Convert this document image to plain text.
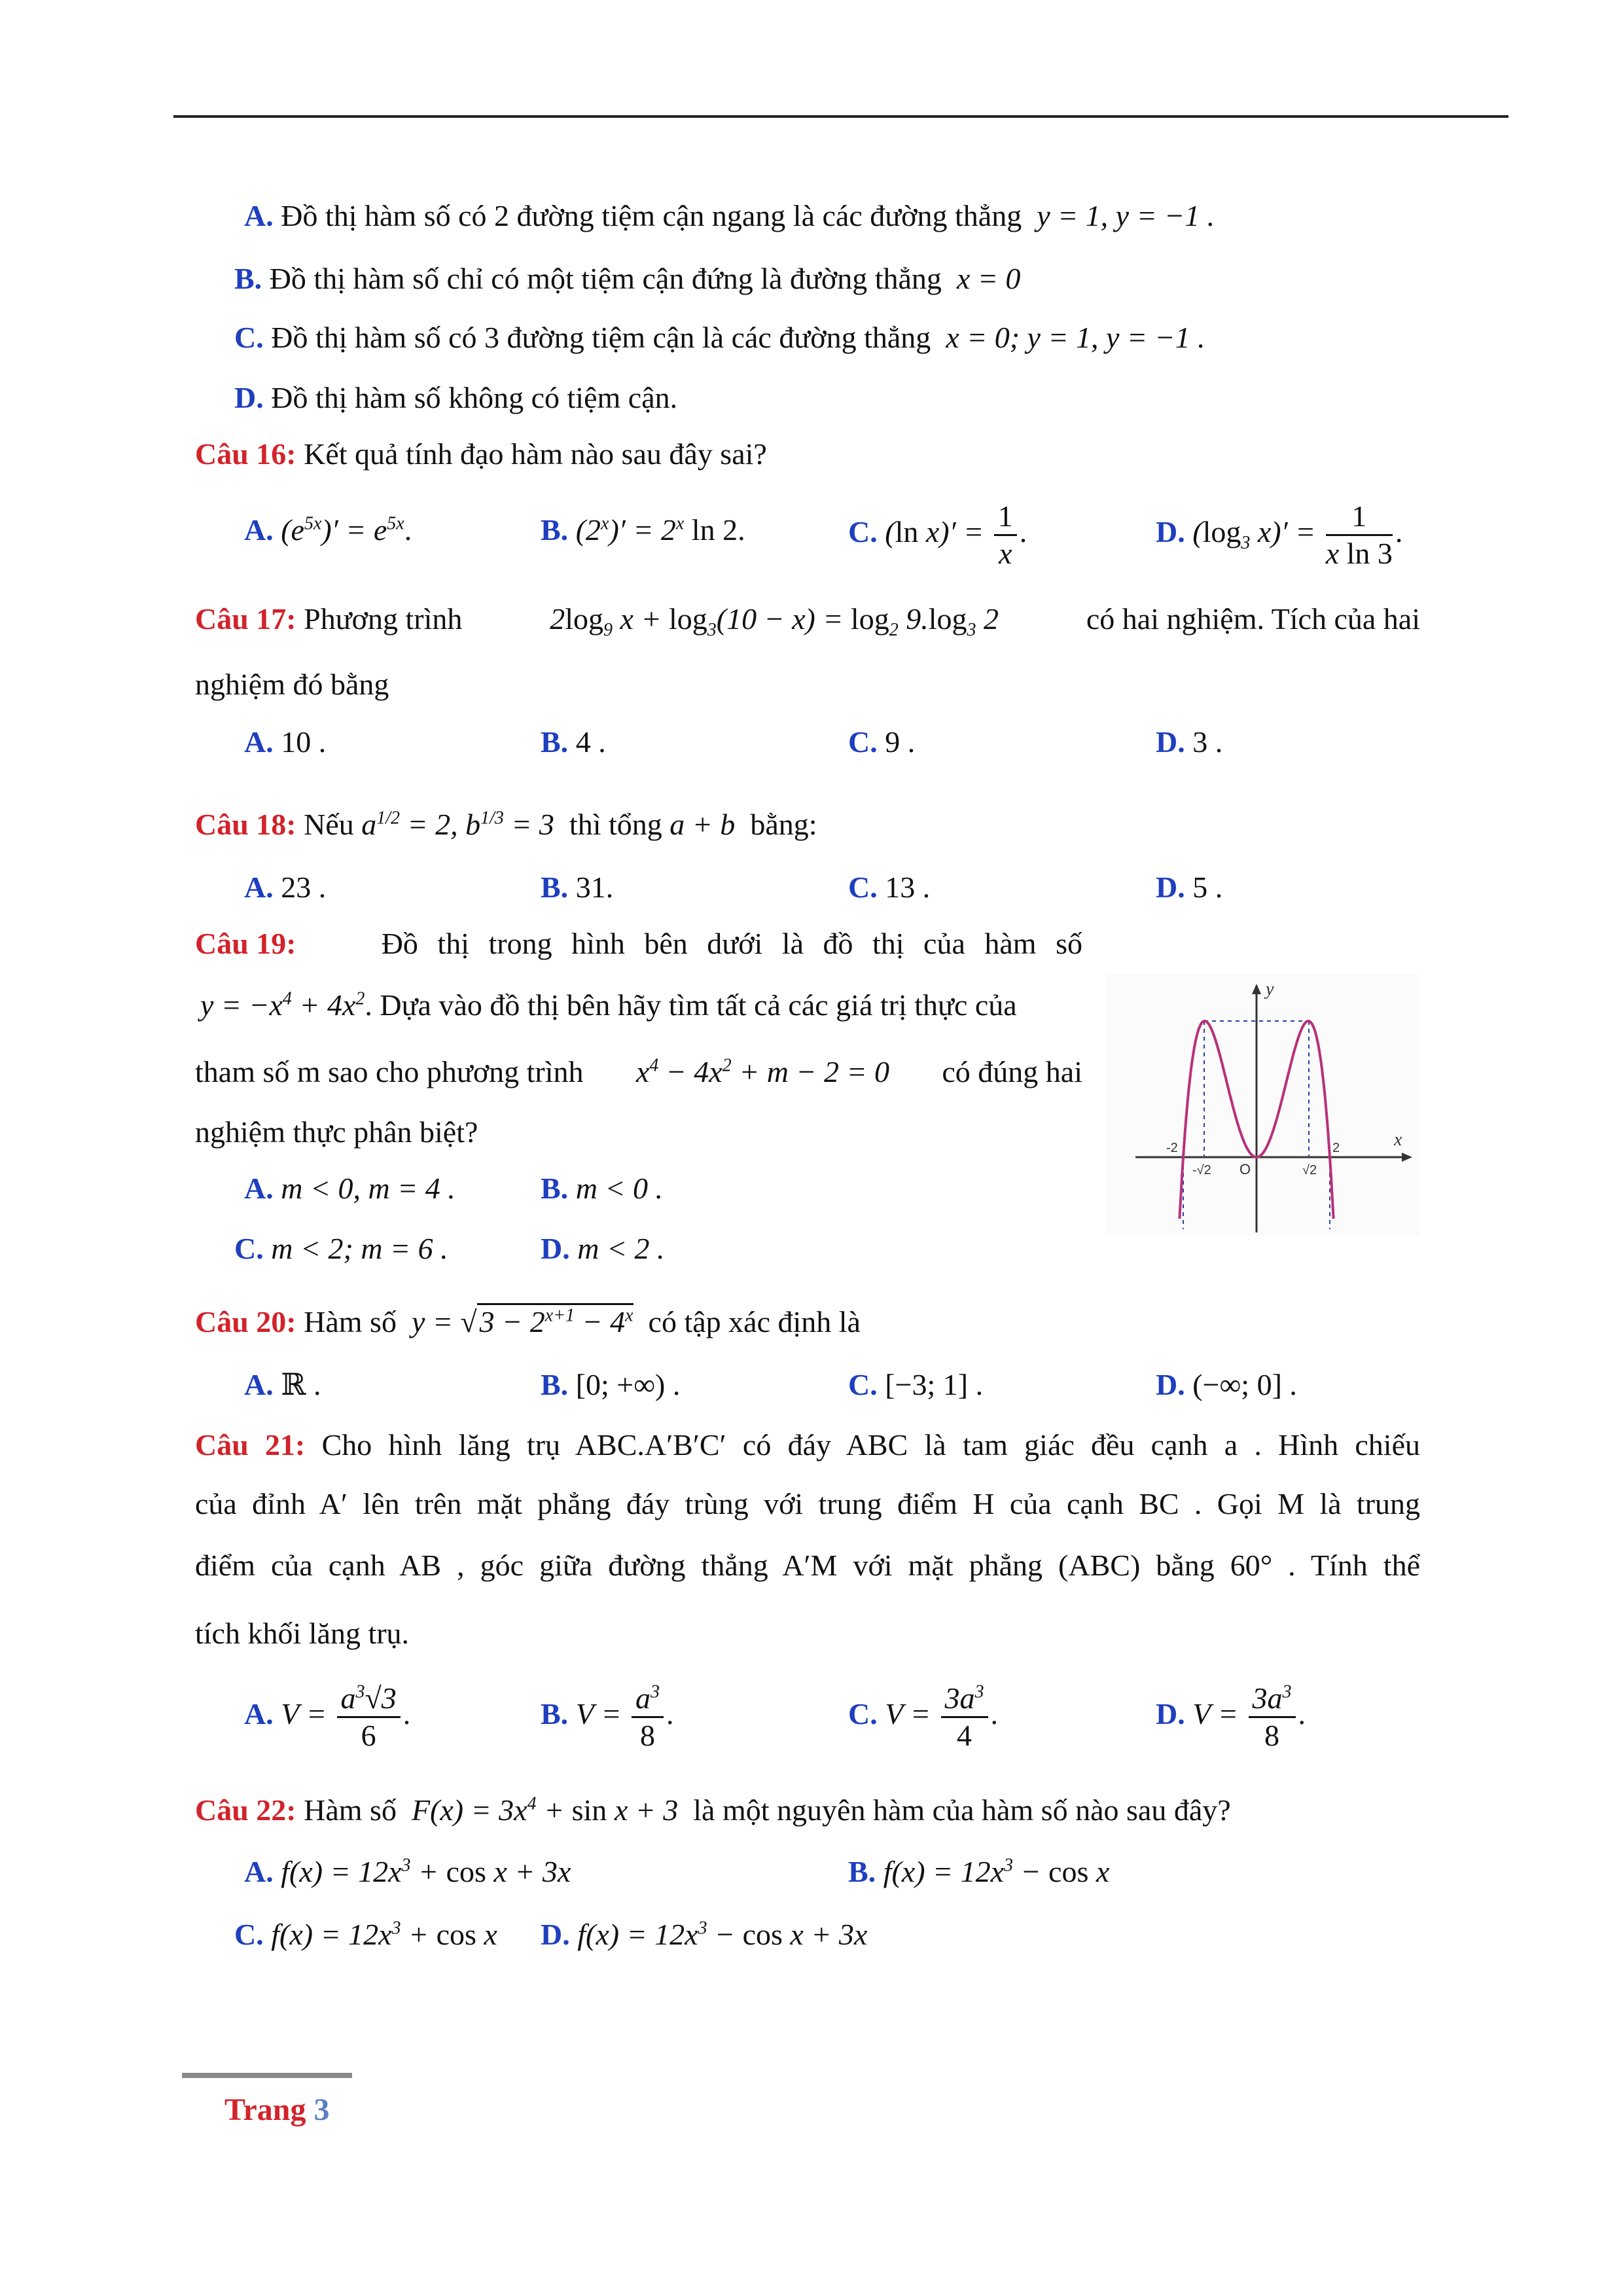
A. Đồ thị hàm số có 2 đường tiệm cận ngang là các đường thẳng y = 1, y = −1 .
B. Đồ thị hàm số chỉ có một tiệm cận đứng là đường thẳng x = 0
C. Đồ thị hàm số có 3 đường tiệm cận là các đường thẳng x = 0; y = 1, y = −1 .
D. Đồ thị hàm số không có tiệm cận.
Câu 16: Kết quả tính đạo hàm nào sau đây sai?
A. $(e^{5x})' = e^{5x}$.	B. $(2^x)' = 2^x$ ln 2.	C. (ln $x)' = \frac{1}{x}$ .	D. ($\log_3$ $x)' = \frac{1}{\text{x ln 3}}$ .
Câu 17: Phương trình	$2\log_9$ $x + \log_3(10 - x) = \log_2 9.\log_3$ 2	có hai nghiệm. Tích của hai
nghiệm đó bằng
A. 10 .	B. 4 .	C. 9 .	D. 3 .
Câu 18: Nếu $a^{1/2} = 2$, $b^{1/3} = 3$ thì tổng a + b bằng:
A. 23 .	B. 31.	C. 13 .	D. 5 .
Câu 19:	Đồ thị trong hình bên dưới là đồ thị của hàm số
$y = -x^4 + 4x^2$. Dựa vào đồ thị bên hãy tìm tất cả các giá trị thực của
tham số m sao cho phương trình $x^4 - 4x^2 + m - 2 = 0$ có đúng hai
nghiệm thực phân biệt?
A. m < 0, m = 4 .	B. m < 0 .
C. m < 2; m = 6 .	D. m < 2 .
x
y
O
-2
-√2
2
√2
Câu 20: Hàm số $y = √3 - 2^{x+1} - 4^x$ có tập xác định là
A. ℝ .	B. [0; +∞) .	C. [−3; 1] .	D. (−∞; 0] .
Câu 21: Cho hình lăng trụ ABC.A′B′C′ có đáy ABC là tam giác đều cạnh a . Hình chiếu
của đỉnh A′ lên trên mặt phẳng đáy trùng với trung điểm H của cạnh BC . Gọi M là trung
điểm của cạnh AB , góc giữa đường thẳng A′M với mặt phẳng (ABC) bằng 60° . Tính thể
tích khối lăng trụ.
A. $V = \frac{a^3√3}{6}$ .	B. $V = \frac{a^3}{8}$ .	C. $V = \frac{3a^3}{4}$ .	D. $V = \frac{3a^3}{8}$ .
Câu 22: Hàm số $F(x) = 3x^4 + \sin x + 3$ là một nguyên hàm của hàm số nào sau đây?
A. $f(x) = 12x^3 + \cos x + 3x$	B. $f(x) = 12x^3 - \cos x$
C. $f(x) = 12x^3 + \cos x$ D. $f(x) = 12x^3 - \cos x + 3x$
Trang 3
